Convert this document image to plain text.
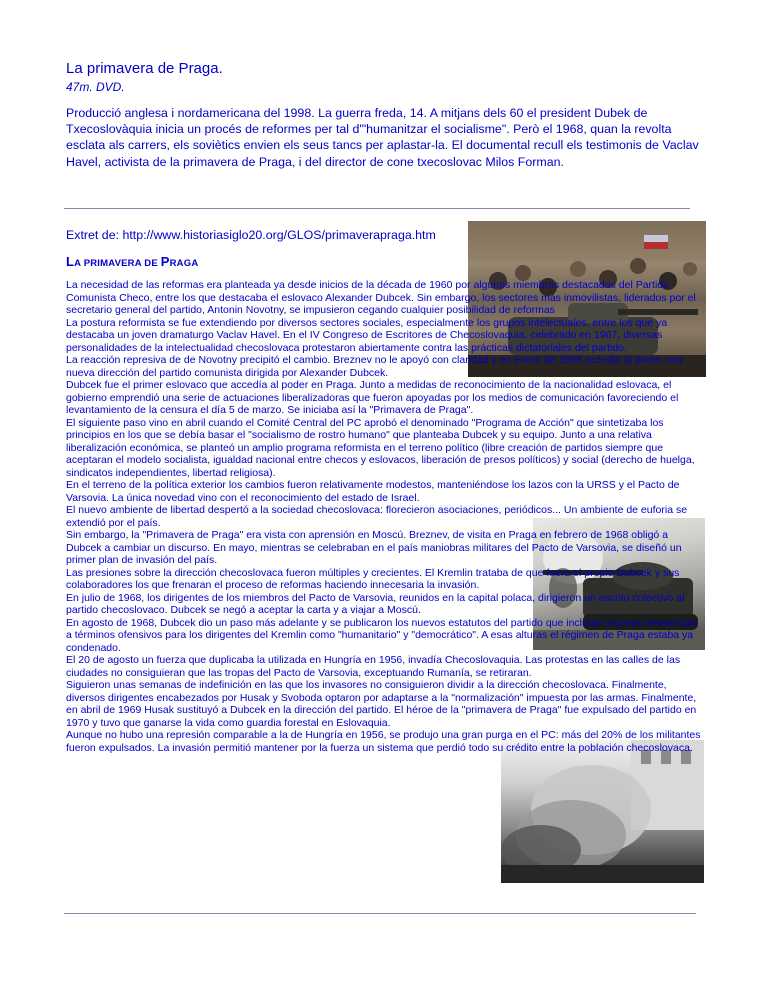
La primavera de Praga.
47m. DVD.
Producció anglesa i nordamericana del 1998. La guerra freda, 14. A mitjans dels 60 el president Dubek de Txecoslovàquia inicia un procés de reformes per tal d'"humanitzar el socialisme". Però el 1968, quan la revolta esclata als carrers, els soviètics envien els seus tancs per aplastar-la. El documental recull els testimonis de Vaclav Havel, activista de la primavera de Praga, i del director de cone txecoslovac Milos Forman.
Extret de: http://www.historiasiglo20.org/GLOS/primaverapraga.htm
LA PRIMAVERA DE PRAGA

La necesidad de las reformas era planteada ya desde inicios de la década de 1960 por algunos miembros destacados del Partido Comunista Checo, entre los que destacaba el eslovaco Alexander Dubcek. Sin embargo, los sectores más inmovilistas, liderados por el secretario general del partido, Antonin Novotny, se impusieron cegando cualquier posibilidad de reformas

La postura reformista se fue extendiendo por diversos sectores sociales, especialmente los grupos intelectuales, entre los que ya destacaba un joven dramaturgo Vaclav Havel. En el IV Congreso de Escritores de Checoslovaquia, celebrado en 1967, diversas personalidades de la intelectualidad checoslovaca protestaron abiertamente contra las prácticas dictatoriales del partido.

La reacción represiva de de Novotny precipitó el cambio. Breznev no le apoyó con claridad y en enero de 1968 accedió al poder una nueva dirección del partido comunista dirigida por Alexander Dubcek.

Dubcek fue el primer eslovaco que accedía al poder en Praga. Junto a medidas de reconocimiento de la nacionalidad eslovaca, el gobierno emprendió una serie de actuaciones liberalizadoras que fueron apoyadas por los medios de comunicación favoreciendo el levantamiento de la censura el día 5 de marzo. Se iniciaba así la "Primavera de Praga".

El siguiente paso vino en abril cuando el Comité Central del PC aprobó el denominado "Programa de Acción" que sintetizaba los principios en los que se debía basar el "socialismo de rostro humano" que planteaba Dubcek y su equipo. Junto a una relativa liberalización económica, se planteó un amplio programa reformista en el terreno político (libre creación de partidos siempre que aceptaran el modelo socialista, igualdad nacional entre checos y eslovacos, liberación de presos políticos) y social (derecho de huelga, sindicatos independientes, libertad religiosa).

En el terreno de la política exterior los cambios fueron relativamente modestos, manteniéndose los lazos con la URSS y el Pacto de Varsovia. La única novedad vino con el reconocimiento del estado de Israel.

El nuevo ambiente de libertad despertó a la sociedad checoslovaca: florecieron asociaciones, periódicos... Un ambiente de euforia se extendió por el país.

Sin embargo, la "Primavera de Praga" era vista con aprensión en Moscú. Breznev, de visita en Praga en febrero de 1968 obligó a Dubcek a cambiar un discurso. En mayo, mientras se celebraban en el país maniobras militares del Pacto de Varsovia, se diseñó un primer plan de invasión del país.

Las presiones sobre la dirección checoslovaca fueron múltiples y crecientes. El Kremlin trataba de que fuera el propio Dubcek y sus colaboradores los que frenaran el proceso de reformas haciendo innecesaria la invasión.

En julio de 1968, los dirigentes de los miembros del Pacto de Varsovia, reunidos en la capital polaca, dirigieron un escrito colectivo al partido checoslovaco. Dubcek se negó a aceptar la carta y a viajar a Moscú.

En agosto de 1968, Dubcek dio un paso más adelante y se publicaron los nuevos estatutos del partido que incluían muchas referencias a términos ofensivos para los dirigentes del Kremlin como "humanitario" y "democrático". A esas alturas el régimen de Praga estaba ya condenado.

El 20 de agosto un fuerza que duplicaba la utilizada en Hungría en 1956, invadía Checoslovaquia. Las protestas en las calles de las ciudades no consiguieran que las tropas del Pacto de Varsovia, exceptuando Rumanía, se retiraran.

Siguieron unas semanas de indefinición en las que los invasores no consiguieron dividir a la dirección checoslovaca. Finalmente, diversos dirigentes encabezados por Husak y Svoboda optaron por adaptarse a la "normalización" impuesta por las armas. Finalmente, en abril de 1969 Husak sustituyó a Dubcek en la dirección del partido. El héroe de la "primavera de Praga" fue expulsado del partido en 1970 y tuvo que ganarse la vida como guardia forestal en Eslovaquia.

Aunque no hubo una represión comparable a la de Hungría en 1956, se produjo una gran purga en el PC: más del 20% de los militantes fueron expulsados. La invasión permitió mantener por la fuerza un sistema que perdió todo su crédito entre la población checoslovaca.
